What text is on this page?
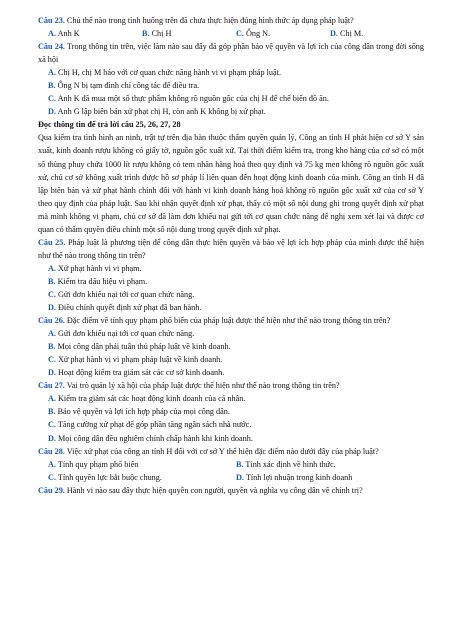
Câu 23. Chủ thể nào trong tình huống trên đã chưa thực hiện đúng hình thức áp dụng pháp luật?

A. Anh K	B. Chị H	C. Ông N.	D. Chị M.

Câu 24. Trong thông tin trên, việc làm nào sau đây đã góp phần bảo vệ quyền và lợi ích của công dân trong đời sống xã hội

A. Chị H, chị M báo với cơ quan chức năng hành vi vi phạm pháp luật.

B. Ông N bị tạm đình chỉ công tác để điều tra.

C. Anh K đã mua một số thực phẩm không rõ nguồn gốc của chị H để chế biến đồ ăn.

D. Anh G lập biên bản xử phạt chị H, còn anh K không bị xử phạt.

Đọc thông tin để trả lời câu 25, 26, 27, 28

Qua kiểm tra tình hình an ninh, trật tự trên địa bàn thuộc thẩm quyền quản lý, Công an tỉnh H phát hiện cơ sở Y sản xuất, kinh doanh rượu không có giấy tờ, nguồn gốc xuất xứ. Tại thời điểm kiểm tra, trong kho hàng của cơ sở có một số thùng phuy chứa 1000 lít rượu không có tem nhãn hàng hoá theo quy định và 75 kg men không rõ nguồn gốc xuất xứ, chủ cơ sở không xuất trình được hồ sơ pháp lí liên quan đến hoạt động kinh doanh của mình. Công an tỉnh H đã lập biên bản và xử phạt hành chính đối với hành vi kinh doanh hàng hoá không rõ nguồn gốc xuất xứ của cơ sở Y theo quy định của pháp luật. Sau khi nhận quyết định xử phạt, thấy có một số nội dung ghi trong quyết định xử phạt mà mình không vi phạm, chủ cơ sở đã làm đơn khiếu nại gửi tới cơ quan chức năng để nghị xem xét lại và được cơ quan có thẩm quyền điều chỉnh một số nội dung trong quyết định xử phạt.

Câu 25. Pháp luật là phương tiện để công dân thực hiện quyền và bảo vệ lợi ích hợp pháp của mình được thể hiện như thế nào trong thông tin trên?

A. Xử phạt hành vi vi phạm.

B. Kiểm tra dấu hiệu vi phạm.

C. Gửi đơn khiếu nại tới cơ quan chức năng.

D. Điều chỉnh quyết định xử phạt đã ban hành.

Câu 26. Đặc điểm về tính quy phạm phổ biến của pháp luật được thể hiện như thế nào trong thông tin trên?

A. Gửi đơn khiếu nại tới cơ quan chức năng.

B. Mọi công dân phải tuân thủ pháp luật về kinh doanh.

C. Xử phạt hành vi vi phạm pháp luật về kinh doanh.

D. Hoạt động kiểm tra giám sát các cơ sở kinh doanh.

Câu 27. Vai trò quản lý xã hội của pháp luật được thể hiện như thế nào trong thông tin trên?

A. Kiểm tra giám sát các hoạt động kinh doanh của cá nhân.

B. Bảo vệ quyền và lợi ích hợp pháp của mọi công dân.

C. Tăng cường xử phạt để góp phần tăng ngân sách nhà nước.

D. Mọi công dân đều nghiêm chỉnh chấp hành khi kinh doanh.

Câu 28. Việc xử phạt của công an tỉnh H đối với cơ sở Y thể hiện đặc điểm nào dưới đây của pháp luật?

A. Tính quy phạm phổ biến	B. Tính xác định về hình thức.
C. Tính quyền lực bắt buộc chung.	D. Tính lợi nhuận trong kinh doanh

Câu 29. Hành vi nào sau đây thực hiện quyền con người, quyền và nghĩa vụ công dân về chính trị?
